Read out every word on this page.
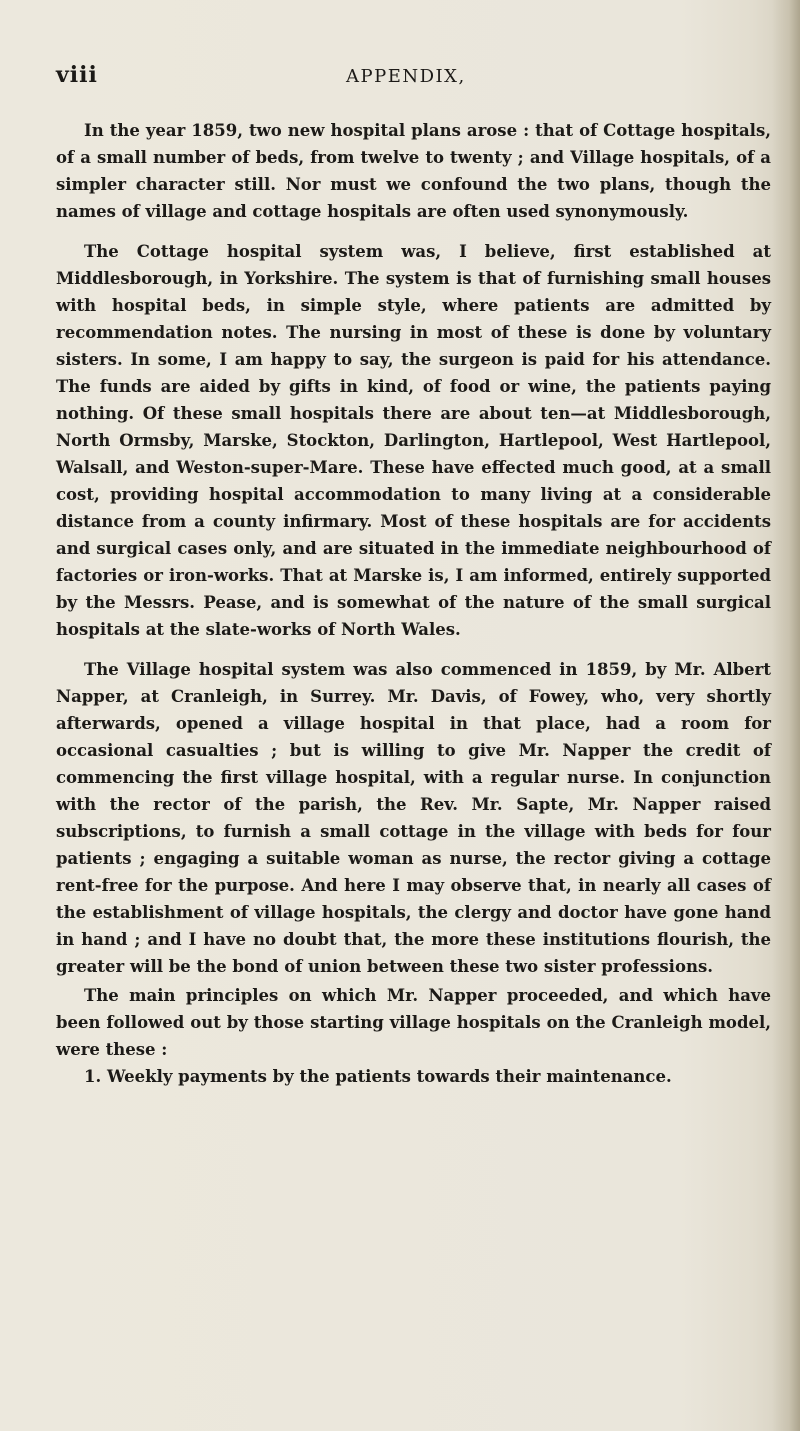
viii	APPENDIX,

In the year 1859, two new hospital plans arose : that of Cottage hospitals, of a small number of beds, from twelve to twenty ; and Village hospitals, of a simpler character still. Nor must we confound the two plans, though the names of village and cottage hospitals are often used synonymously.

The Cottage hospital system was, I believe, first established at Middlesborough, in Yorkshire. The system is that of furnishing small houses with hospital beds, in simple style, where patients are admitted by recommendation notes. The nursing in most of these is done by voluntary sisters. In some, I am happy to say, the surgeon is paid for his attendance. The funds are aided by gifts in kind, of food or wine, the patients paying nothing. Of these small hospitals there are about ten—at Middlesborough, North Ormsby, Marske, Stockton, Darlington, Hartlepool, West Hartlepool, Walsall, and Weston-super-Mare. These have effected much good, at a small cost, providing hospital accommodation to many living at a considerable distance from a county infirmary. Most of these hospitals are for accidents and surgical cases only, and are situated in the immediate neighbourhood of factories or iron-works. That at Marske is, I am informed, entirely supported by the Messrs. Pease, and is somewhat of the nature of the small surgical hospitals at the slate-works of North Wales.

The Village hospital system was also commenced in 1859, by Mr. Albert Napper, at Cranleigh, in Surrey. Mr. Davis, of Fowey, who, very shortly afterwards, opened a village hospital in that place, had a room for occasional casualties ; but is willing to give Mr. Napper the credit of commencing the first village hospital, with a regular nurse. In conjunction with the rector of the parish, the Rev. Mr. Sapte, Mr. Napper raised subscriptions, to furnish a small cottage in the village with beds for four patients ; engaging a suitable woman as nurse, the rector giving a cottage rent-free for the purpose. And here I may observe that, in nearly all cases of the establishment of village hospitals, the clergy and doctor have gone hand in hand ; and I have no doubt that, the more these institutions flourish, the greater will be the bond of union between these two sister professions.

The main principles on which Mr. Napper proceeded, and which have been followed out by those starting village hospitals on the Cranleigh model, were these :

1. Weekly payments by the patients towards their maintenance.
